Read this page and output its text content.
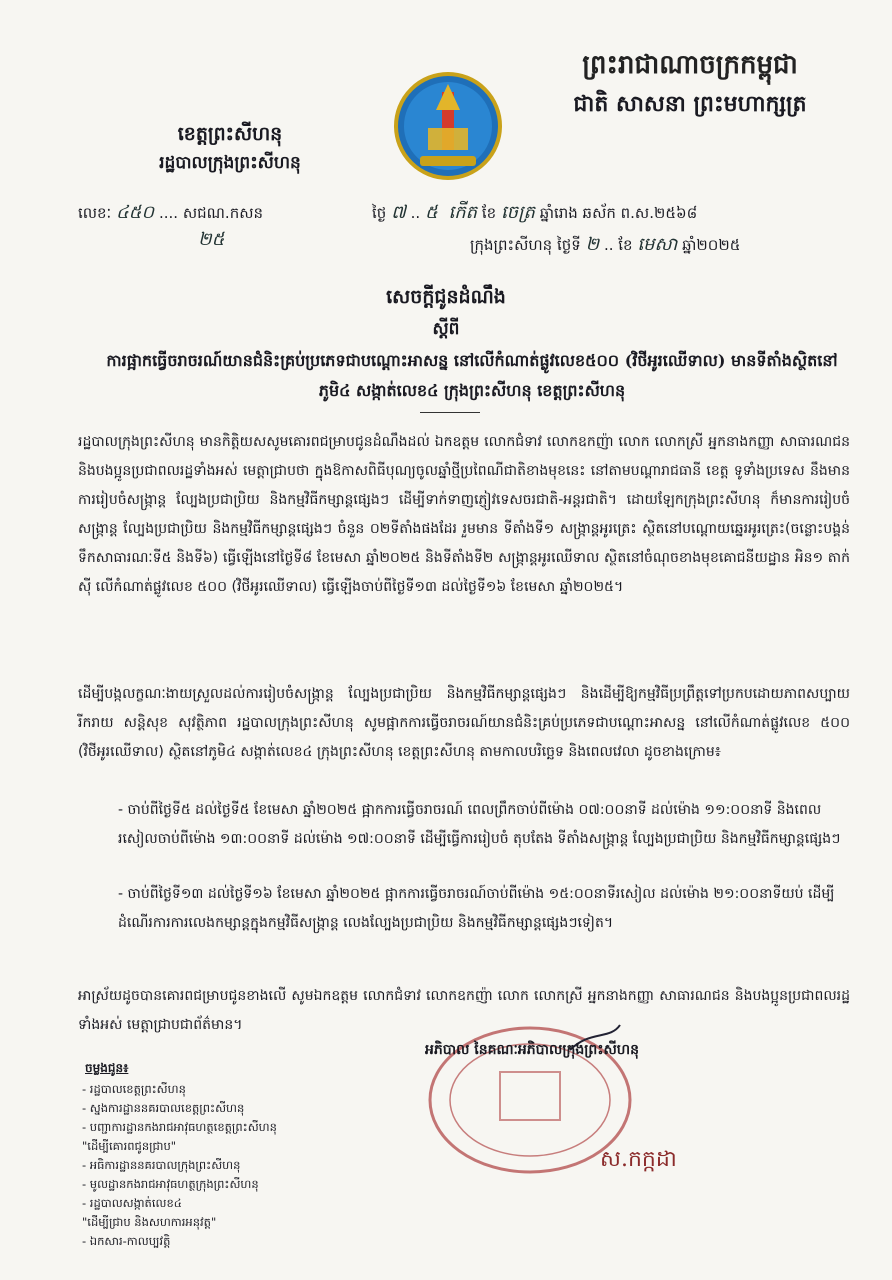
ព្រះរាជាណាចក្រកម្ពុជា
ជាតិ សាសនា ព្រះមហាក្សត្រ
ខេត្តព្រះសីហនុ
រដ្ឋបាលក្រុងព្រះសីហនុ
លេខៈ ៤៥០ .... សជណ.កសន
២៥
ថ្ងៃ ៧ .. ៥ កើត ខែ ចេត្រ ឆ្នាំរោង ឆស័ក ព.ស.២៥៦៨
ក្រុងព្រះសីហនុ ថ្ងៃទី ២ .. ខែ មេសា ឆ្នាំ២០២៥
សេចក្តីជូនដំណឹង
ស្តីពី
ការផ្អាកធ្វើចរាចរណ៍យានជំនិះគ្រប់ប្រភេទជាបណ្តោះអាសន្ន នៅលើកំណាត់ផ្លូវលេខ៥០០ (វិថីអូរឈើទាល) មានទីតាំងស្ថិតនៅភូមិ៤ សង្កាត់លេខ៤ ក្រុងព្រះសីហនុ ខេត្តព្រះសីហនុ
រដ្ឋបាលក្រុងព្រះសីហនុ មានកិត្តិយសសូមគោរពជម្រាបជូនដំណឹងដល់ ឯកឧត្តម លោកជំទាវ លោកឧកញ៉ា លោក លោកស្រី អ្នកនាងកញ្ញា សាធារណជន និងបងប្អូនប្រជាពលរដ្ឋទាំងអស់ មេត្តាជ្រាបថា ក្នុងឱកាសពិធីបុណ្យចូលឆ្នាំថ្មីប្រពៃណីជាតិខាងមុខនេះ នៅតាមបណ្តារាជធានី ខេត្ត ទូទាំងប្រទេស នឹងមានការរៀបចំសង្ក្រាន្ត ល្បែងប្រជាប្រិយ និងកម្មវិធីកម្សាន្តផ្សេងៗ ដើម្បីទាក់ទាញភ្ញៀវទេសចរជាតិ-អន្តរជាតិ។ ដោយឡែកក្រុងព្រះសីហនុ ក៏មានការរៀបចំសង្ក្រាន្ត ល្បែងប្រជាប្រិយ និងកម្មវិធីកម្សាន្តផ្សេងៗ ចំនួន ០២ទីតាំងផងដែរ រួមមាន ទីតាំងទី១ សង្ក្រាន្តអូរត្រេះ ស្ថិតនៅបណ្តោយឆ្នេរអូរត្រេះ(ចន្លោះបង្គន់ទឹកសាធារណៈទី៥ និងទី៦) ធ្វើឡើងនៅថ្ងៃទី៨ ខែមេសា ឆ្នាំ២០២៥ និងទីតាំងទី២ សង្ក្រាន្តអូរឈើទាល ស្ថិតនៅចំណុចខាងមុខគោជនីយដ្ឋាន អិន១ តាក់ស៊ី លើកំណាត់ផ្លូវលេខ ៥០០ (វិថីអូរឈើទាល) ធ្វើឡើងចាប់ពីថ្ងៃទី១៣ ដល់ថ្ងៃទី១៦ ខែមេសា ឆ្នាំ២០២៥។
ដើម្បីបង្កលក្ខណៈងាយស្រួលដល់ការរៀបចំសង្ក្រាន្ត ល្បែងប្រជាប្រិយ និងកម្មវិធីកម្សាន្តផ្សេងៗ និងដើម្បីឱ្យកម្មវិធីប្រព្រឹត្តទៅប្រកបដោយភាពសប្បាយរីករាយ សន្តិសុខ សុវត្ថិភាព រដ្ឋបាលក្រុងព្រះសីហនុ សូមផ្អាកការធ្វើចរាចរណ៍យានជំនិះគ្រប់ប្រភេទជាបណ្តោះអាសន្ន នៅលើកំណាត់ផ្លូវលេខ ៥០០ (វិថីអូរឈើទាល) ស្ថិតនៅភូមិ៤ សង្កាត់លេខ៤ ក្រុងព្រះសីហនុ ខេត្តព្រះសីហនុ តាមកាលបរិច្ឆេទ និងពេលវេលា ដូចខាងក្រោម៖
- ចាប់ពីថ្ងៃទី៥ ដល់ថ្ងៃទី៥ ខែមេសា ឆ្នាំ២០២៥ ផ្អាកការធ្វើចរាចរណ៍ ពេលព្រឹកចាប់ពីម៉ោង ០៧:០០នាទី ដល់ម៉ោង ១១:០០នាទី និងពេលរសៀលចាប់ពីម៉ោង ១៣:០០នាទី ដល់ម៉ោង ១៧:០០នាទី ដើម្បីធ្វើការរៀបចំ តុបតែង ទីតាំងសង្ក្រាន្ត ល្បែងប្រជាប្រិយ និងកម្មវិធីកម្សាន្តផ្សេងៗ
- ចាប់ពីថ្ងៃទី១៣ ដល់ថ្ងៃទី១៦ ខែមេសា ឆ្នាំ២០២៥ ផ្អាកការធ្វើចរាចរណ៍ចាប់ពីម៉ោង ១៥:០០នាទីរសៀល ដល់ម៉ោង ២១:០០នាទីយប់ ដើម្បីដំណើរការការលេងកម្សាន្តក្នុងកម្មវិធីសង្ក្រាន្ត លេងល្បែងប្រជាប្រិយ និងកម្មវិធីកម្សាន្តផ្សេងៗទៀត។
អាស្រ័យដូចបានគោរពជម្រាបជូនខាងលើ សូមឯកឧត្តម លោកជំទាវ លោកឧកញ៉ា លោក លោកស្រី អ្នកនាងកញ្ញា សាធារណជន និងបងប្អូនប្រជាពលរដ្ឋទាំងអស់ មេត្តាជ្រាបជាព័ត៌មាន។
អភិបាល នៃគណៈអភិបាលក្រុងព្រះសីហនុ
ស.កក្កដា
ចម្លងជូន៖
- រដ្ឋបាលខេត្តព្រះសីហនុ
- ស្នងការដ្ឋាននគរបាលខេត្តព្រះសីហនុ
- បញ្ជាការដ្ឋានកងរាជអាវុធហត្ថខេត្តព្រះសីហនុ
"ដើម្បីគោរពជូនជ្រាប"
- អធិការដ្ឋាននគរបាលក្រុងព្រះសីហនុ
- មូលដ្ឋានកងរាជអាវុធហត្ថក្រុងព្រះសីហនុ
- រដ្ឋបាលសង្កាត់លេខ៤
"ដើម្បីជ្រាប និងសហការអនុវត្ត"
- ឯកសារ-កាលប្បវត្តិ
